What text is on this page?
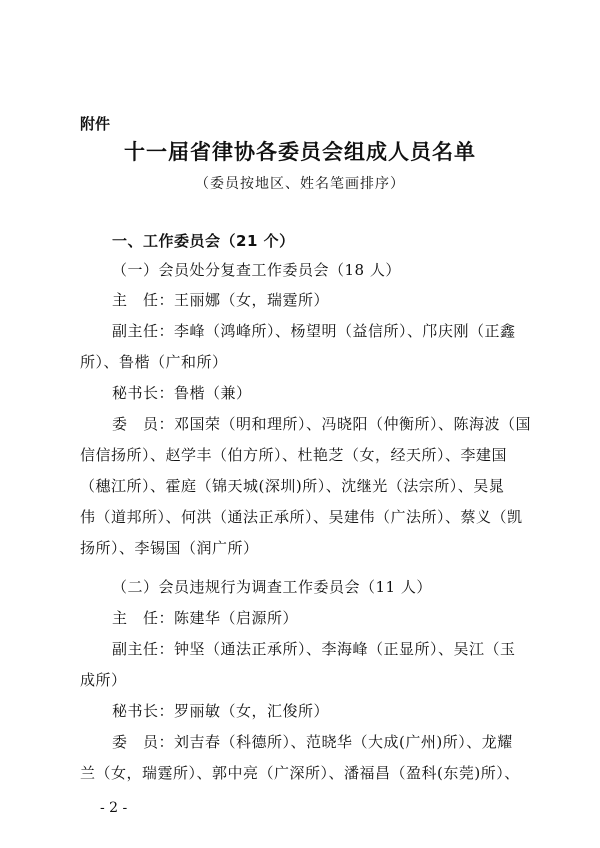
附件
十一届省律协各委员会组成人员名单
（委员按地区、姓名笔画排序）
一、工作委员会（21 个）
（一）会员处分复查工作委员会（18 人）
主　任：王丽娜（女，瑞霆所）
副主任：李峰（鸿峰所）、杨望明（益信所）、邝庆刚（正鑫
所）、鲁楷（广和所）
秘书长：鲁楷（兼）
委　员：邓国荣（明和理所）、冯晓阳（仲衡所）、陈海波（国
信信扬所）、赵学丰（伯方所）、杜艳芝（女，经天所）、李建国
（穗江所）、霍庭（锦天城(深圳)所）、沈继光（法宗所）、吴晁
伟（道邦所）、何洪（通法正承所）、吴建伟（广法所）、蔡义（凯
扬所）、李锡国（润广所）
（二）会员违规行为调查工作委员会（11 人）
主　任：陈建华（启源所）
副主任：钟坚（通法正承所）、李海峰（正显所）、吴江（玉
成所）
秘书长：罗丽敏（女，汇俊所）
委　员：刘吉春（科德所）、范晓华（大成(广州)所）、龙耀
兰（女，瑞霆所）、郭中亮（广深所）、潘福昌（盈科(东莞)所）、
- 2 -
